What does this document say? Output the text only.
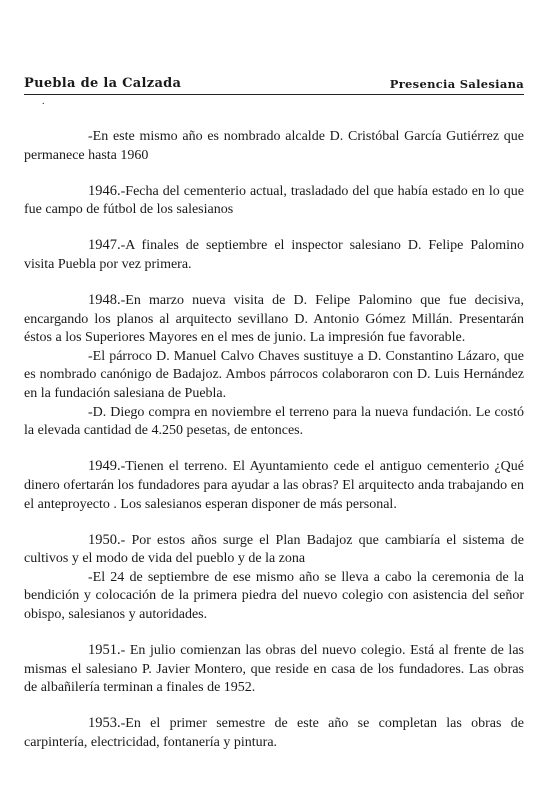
Puebla de la Calzada	Presencia Salesiana
.

-En este mismo año es nombrado alcalde D. Cristóbal García Gutiérrez que permanece hasta 1960

1946.-Fecha del cementerio actual, trasladado del que había estado en lo que fue campo de fútbol de los salesianos

1947.-A finales de septiembre el inspector salesiano D. Felipe Palomino visita Puebla por vez primera.

1948.-En marzo nueva visita de D. Felipe Palomino que fue decisiva, encargando los planos al arquitecto sevillano D. Antonio Gómez Millán. Presentarán éstos a los Superiores Mayores en el mes de junio. La impresión fue favorable.

-El párroco D. Manuel Calvo Chaves sustituye a D. Constantino Lázaro, que es nombrado canónigo de Badajoz. Ambos párrocos colaboraron con D. Luis Hernández en la fundación salesiana de Puebla.

-D. Diego compra en noviembre el terreno para la nueva fundación. Le costó la elevada cantidad de 4.250 pesetas, de entonces.

1949.-Tienen el terreno. El Ayuntamiento cede el antiguo cementerio ¿Qué dinero ofertarán los fundadores para ayudar a las obras? El arquitecto anda trabajando en el anteproyecto . Los salesianos esperan disponer de más personal.

1950.- Por estos años surge el Plan Badajoz que cambiaría el sistema de cultivos y el modo de vida del pueblo y de la zona

-El 24 de septiembre de ese mismo año se lleva a cabo la ceremonia de la bendición y colocación de la primera piedra del nuevo colegio con asistencia del señor obispo, salesianos y autoridades.

1951.- En julio comienzan las obras del nuevo colegio. Está al frente de las mismas el salesiano P. Javier Montero, que reside en casa de los fundadores. Las obras de albañilería terminan a finales de 1952.

1953.-En el primer semestre de este año se completan las obras de carpintería, electricidad, fontanería y pintura.
